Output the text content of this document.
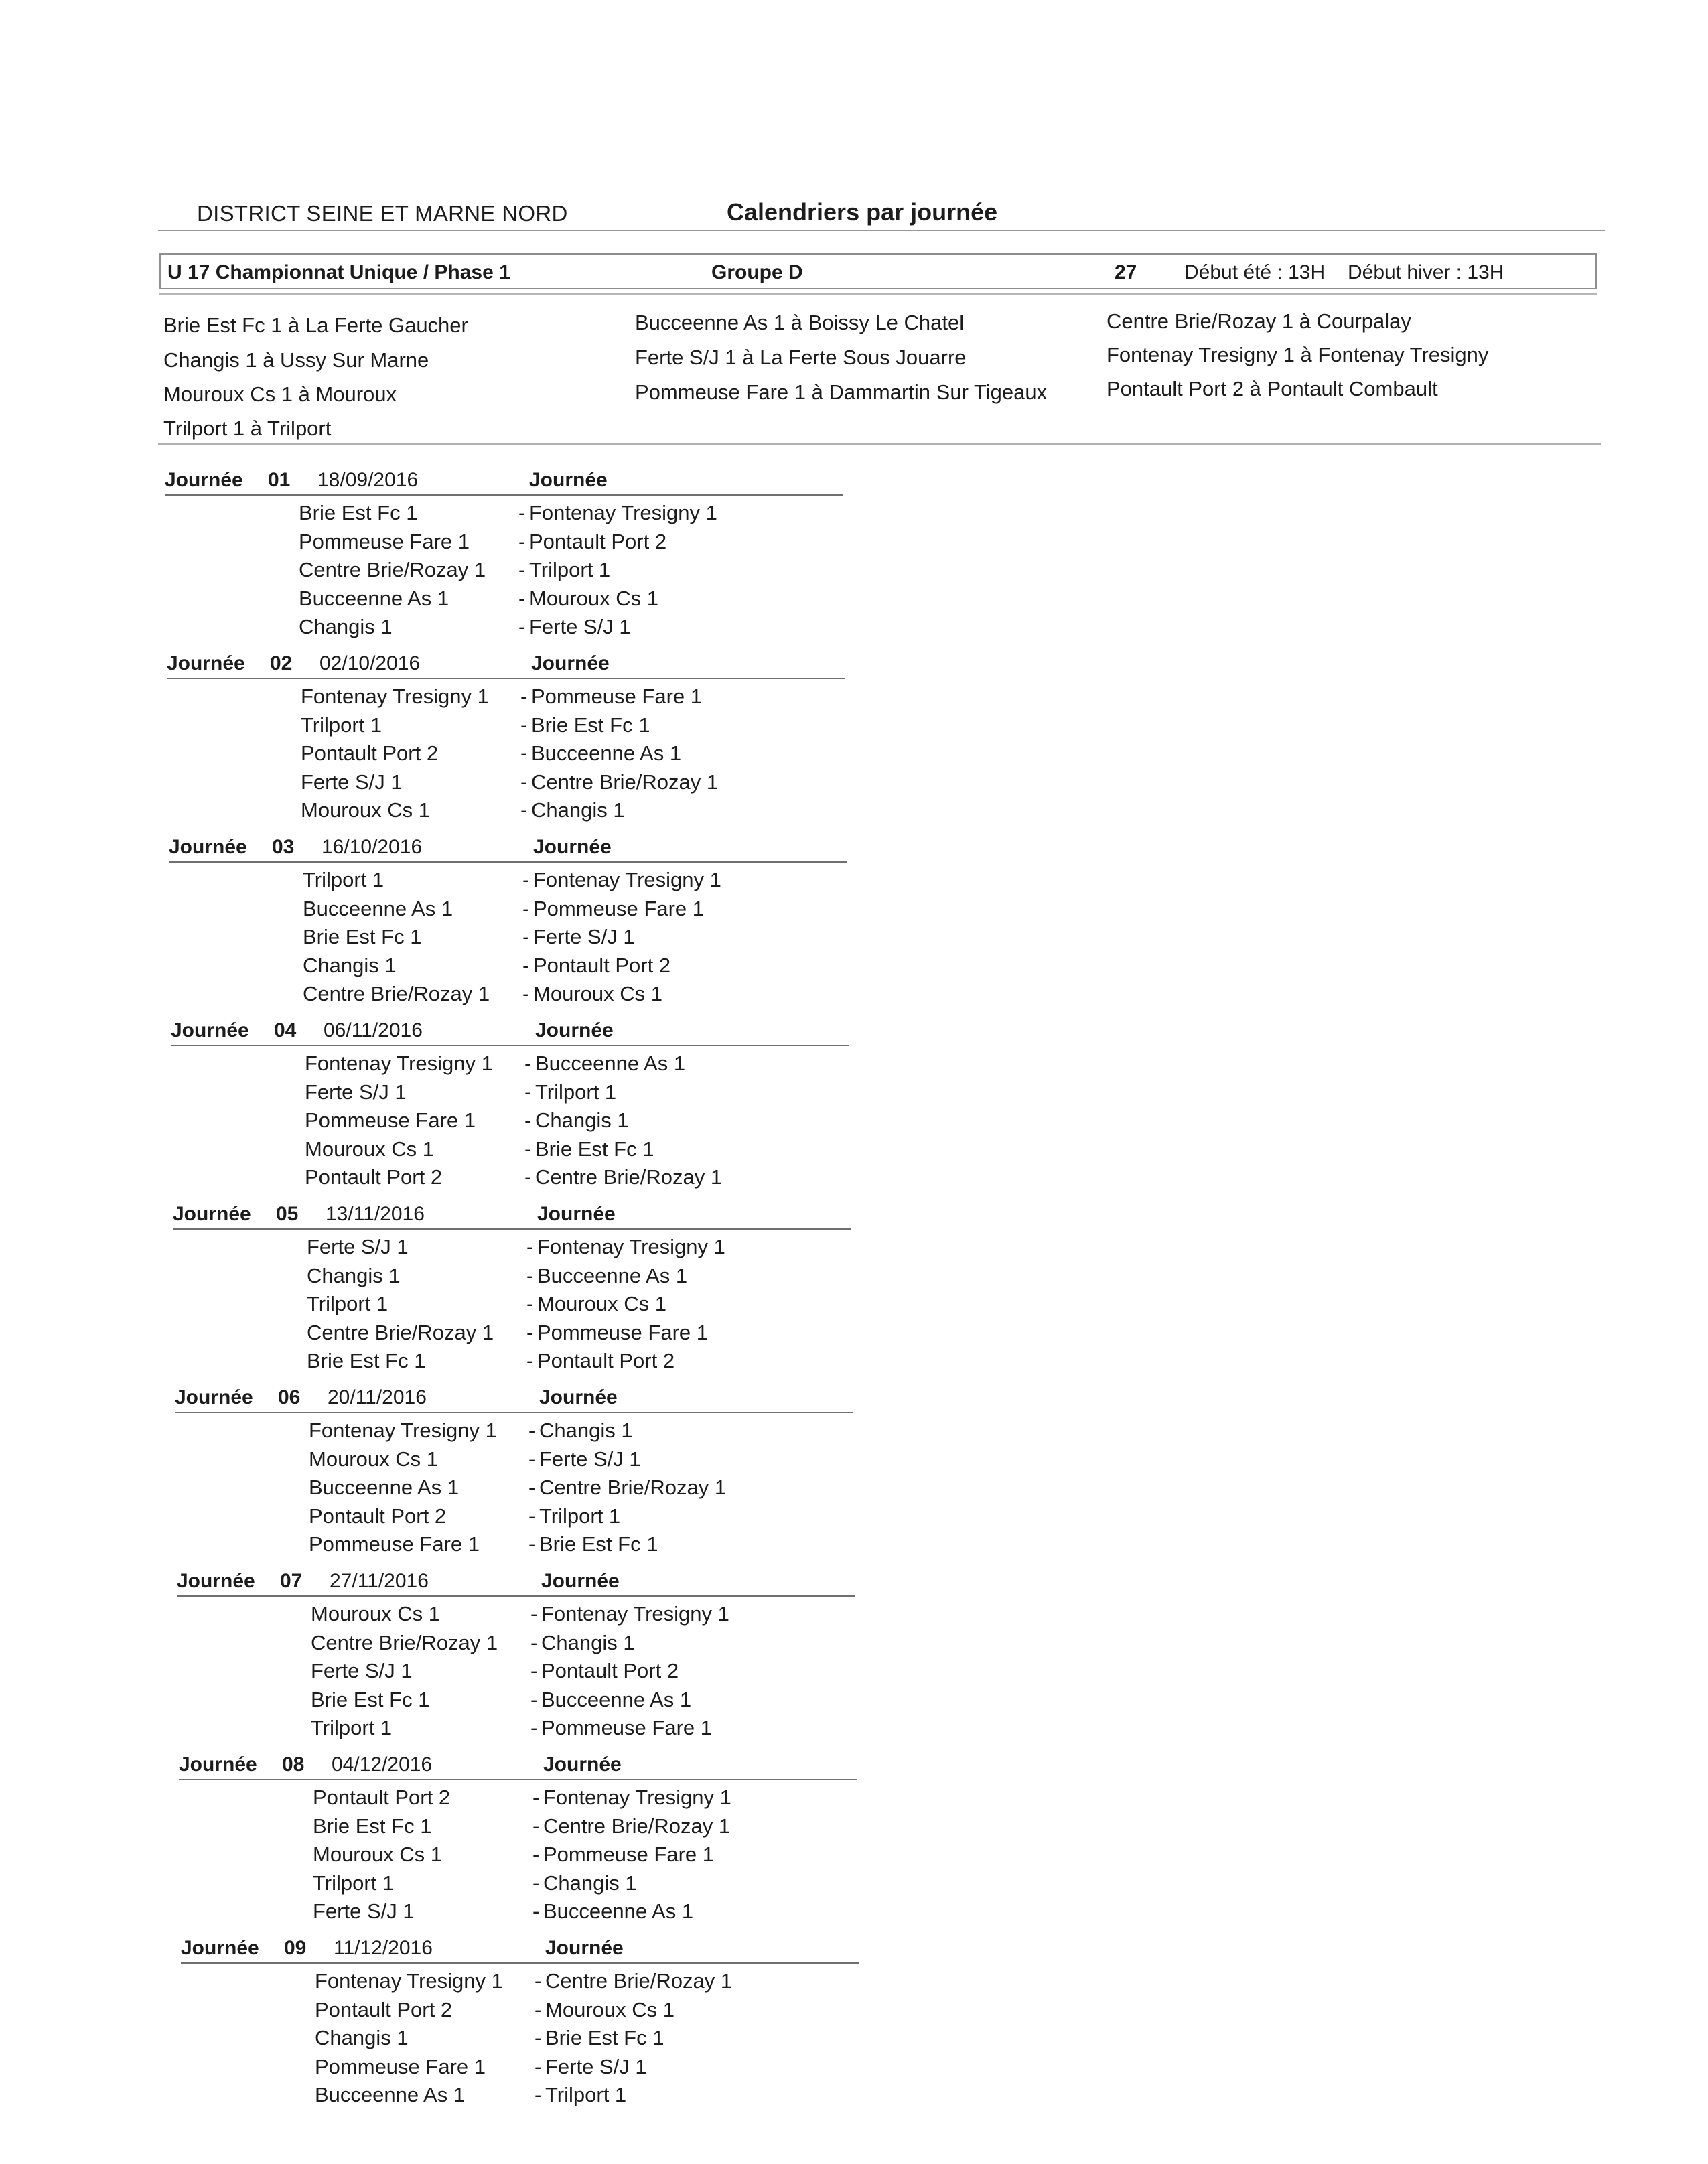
DISTRICT SEINE ET MARNE NORD	Calendriers par journée
U 17 Championnat Unique / Phase 1	Groupe D	27 Début été : 13H Début hiver : 13H
Brie Est Fc 1 à La Ferte Gaucher	Bucceenne As 1 à Boissy Le Chatel	Centre Brie/Rozay 1 à Courpalay
Changis 1 à Ussy Sur Marne	Ferte S/J 1 à La Ferte Sous Jouarre	Fontenay Tresigny 1 à Fontenay Tresigny
Mouroux Cs 1 à Mouroux	Pommeuse Fare 1 à Dammartin Sur Tigeaux	Pontault Port 2 à Pontault Combault
Trilport 1 à Trilport
Journée 01 18/09/2016	Journée
Brie Est Fc 1	- Fontenay Tresigny 1
Pommeuse Fare 1 - Pontault Port 2
Centre Brie/Rozay 1 - Trilport 1
Bucceenne As 1	- Mouroux Cs 1
Changis 1	- Ferte S/J 1
Journée 02 02/10/2016	Journée
Fontenay Tresigny 1 - Pommeuse Fare 1
Trilport 1	- Brie Est Fc 1
Pontault Port 2	- Bucceenne As 1
Ferte S/J 1	- Centre Brie/Rozay 1
Mouroux Cs 1	- Changis 1
Journée 03 16/10/2016	Journée
Trilport 1	- Fontenay Tresigny 1
Bucceenne As 1	- Pommeuse Fare 1
Brie Est Fc 1	- Ferte S/J 1
Changis 1	- Pontault Port 2
Centre Brie/Rozay 1 - Mouroux Cs 1
Journée 04 06/11/2016	Journée
Fontenay Tresigny 1 - Bucceenne As 1
Ferte S/J 1	- Trilport 1
Pommeuse Fare 1 - Changis 1
Mouroux Cs 1	- Brie Est Fc 1
Pontault Port 2	- Centre Brie/Rozay 1
Journée 05 13/11/2016	Journée
Ferte S/J 1	- Fontenay Tresigny 1
Changis 1	- Bucceenne As 1
Trilport 1	- Mouroux Cs 1
Centre Brie/Rozay 1 - Pommeuse Fare 1
Brie Est Fc 1	- Pontault Port 2
Journée 06 20/11/2016	Journée
Fontenay Tresigny 1 - Changis 1
Mouroux Cs 1	- Ferte S/J 1
Bucceenne As 1	- Centre Brie/Rozay 1
Pontault Port 2	- Trilport 1
Pommeuse Fare 1 - Brie Est Fc 1
Journée 07 27/11/2016	Journée
Mouroux Cs 1	- Fontenay Tresigny 1
Centre Brie/Rozay 1 - Changis 1
Ferte S/J 1	- Pontault Port 2
Brie Est Fc 1	- Bucceenne As 1
Trilport 1	- Pommeuse Fare 1
Journée 08 04/12/2016	Journée
Pontault Port 2	- Fontenay Tresigny 1
Brie Est Fc 1	- Centre Brie/Rozay 1
Mouroux Cs 1	- Pommeuse Fare 1
Trilport 1	- Changis 1
Ferte S/J 1	- Bucceenne As 1
Journée 09 11/12/2016	Journée
Fontenay Tresigny 1 - Centre Brie/Rozay 1
Pontault Port 2	- Mouroux Cs 1
Changis 1	- Brie Est Fc 1
Pommeuse Fare 1 - Ferte S/J 1
Bucceenne As 1	- Trilport 1
